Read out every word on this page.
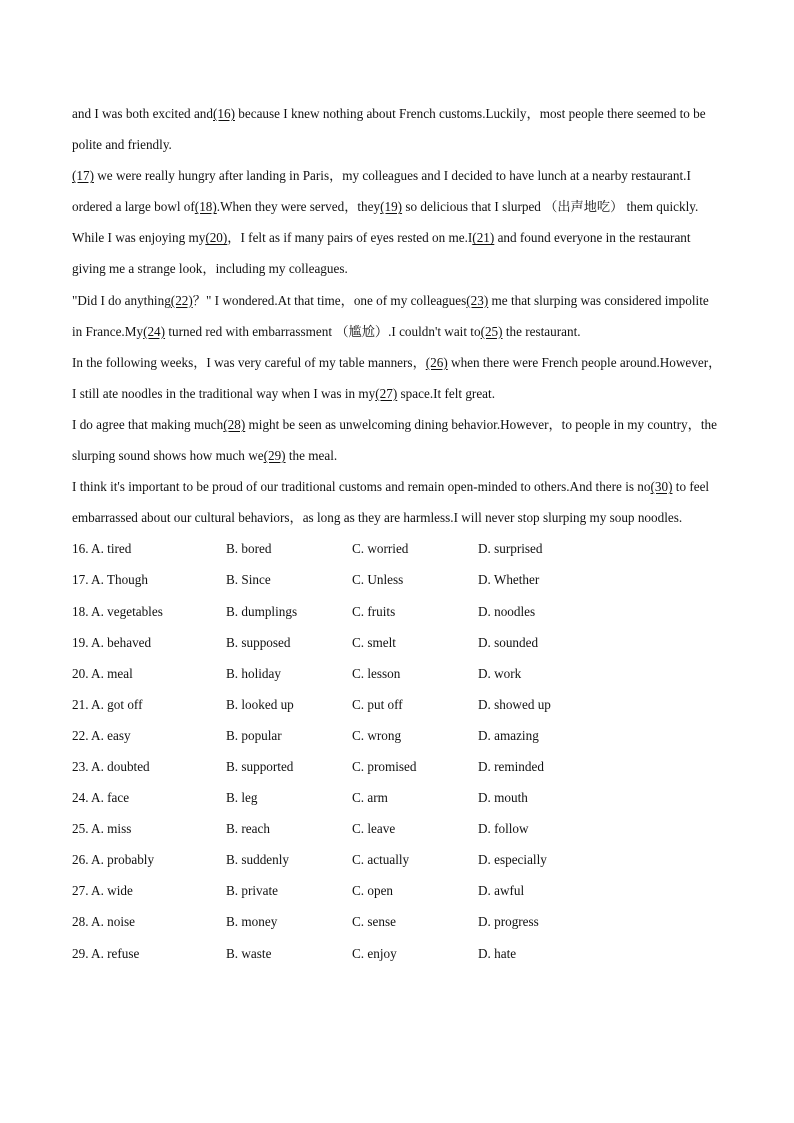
and I was both excited and(16) because I knew nothing about French customs.Luckily，most people there seemed to be polite and friendly.

(17) we were really hungry after landing in Paris，my colleagues and I decided to have lunch at a nearby restaurant.I ordered a large bowl of(18).When they were served，they(19) so delicious that I slurped （出声地吃） them quickly.

While I was enjoying my(20)，I felt as if many pairs of eyes rested on me.I(21) and found everyone in the restaurant giving me a strange look，including my colleagues.

"Did I do anything(22)？" I wondered.At that time，one of my colleagues(23) me that slurping was considered impolite in France.My(24) turned red with embarrassment （尴尬）.I couldn't wait to(25) the restaurant.

In the following weeks，I was very careful of my table manners，(26) when there were French people around.However，I still ate noodles in the traditional way when I was in my(27) space.It felt great.

I do agree that making much(28) might be seen as unwelcoming dining behavior.However，to people in my country，the slurping sound shows how much we(29) the meal.

I think it's important to be proud of our traditional customs and remain open-minded to others.And there is no(30) to feel embarrassed about our cultural behaviors，as long as they are harmless.I will never stop slurping my soup noodles.

16. A. tired	B. bored	C. worried	D. surprised
17. A. Though	B. Since	C. Unless	D. Whether
18. A. vegetables	B. dumplings	C. fruits	D. noodles
19. A. behaved	B. supposed	C. smelt	D. sounded
20. A. meal	B. holiday	C. lesson	D. work
21. A. got off	B. looked up	C. put off	D. showed up
22. A. easy	B. popular	C. wrong	D. amazing
23. A. doubted	B. supported	C. promised	D. reminded
24. A. face	B. leg	C. arm	D. mouth
25. A. miss	B. reach	C. leave	D. follow
26. A. probably	B. suddenly	C. actually	D. especially
27. A. wide	B. private	C. open	D. awful
28. A. noise	B. money	C. sense	D. progress
29. A. refuse	B. waste	C. enjoy	D. hate
